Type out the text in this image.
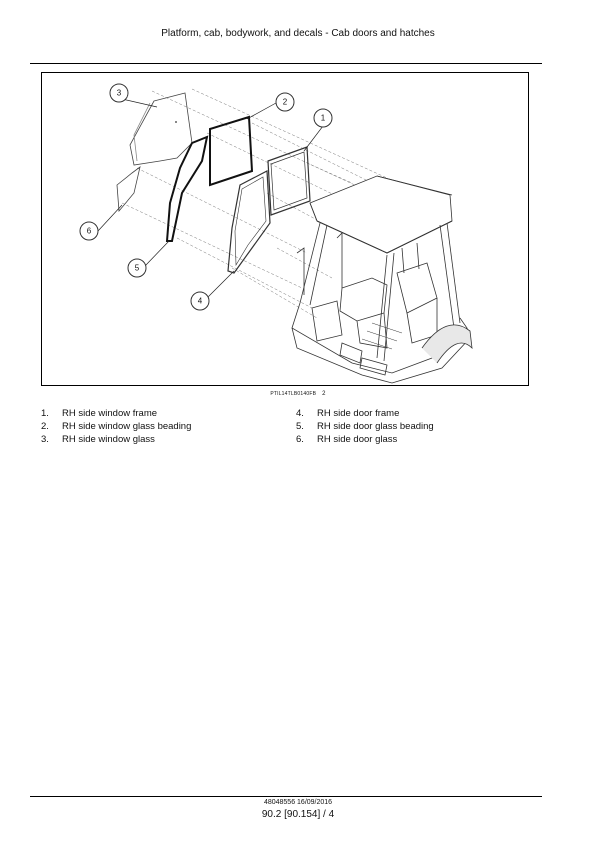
Platform, cab, bodywork, and decals - Cab doors and hatches
3
2
1
6
5
4
PTIL14TLB0140FB 2
1.	RH side window frame
2.	RH side window glass beading
3.	RH side window glass
4.	RH side door frame
5.	RH side door glass beading
6.	RH side door glass
48048556 16/09/2016
90.2 [90.154] / 4
